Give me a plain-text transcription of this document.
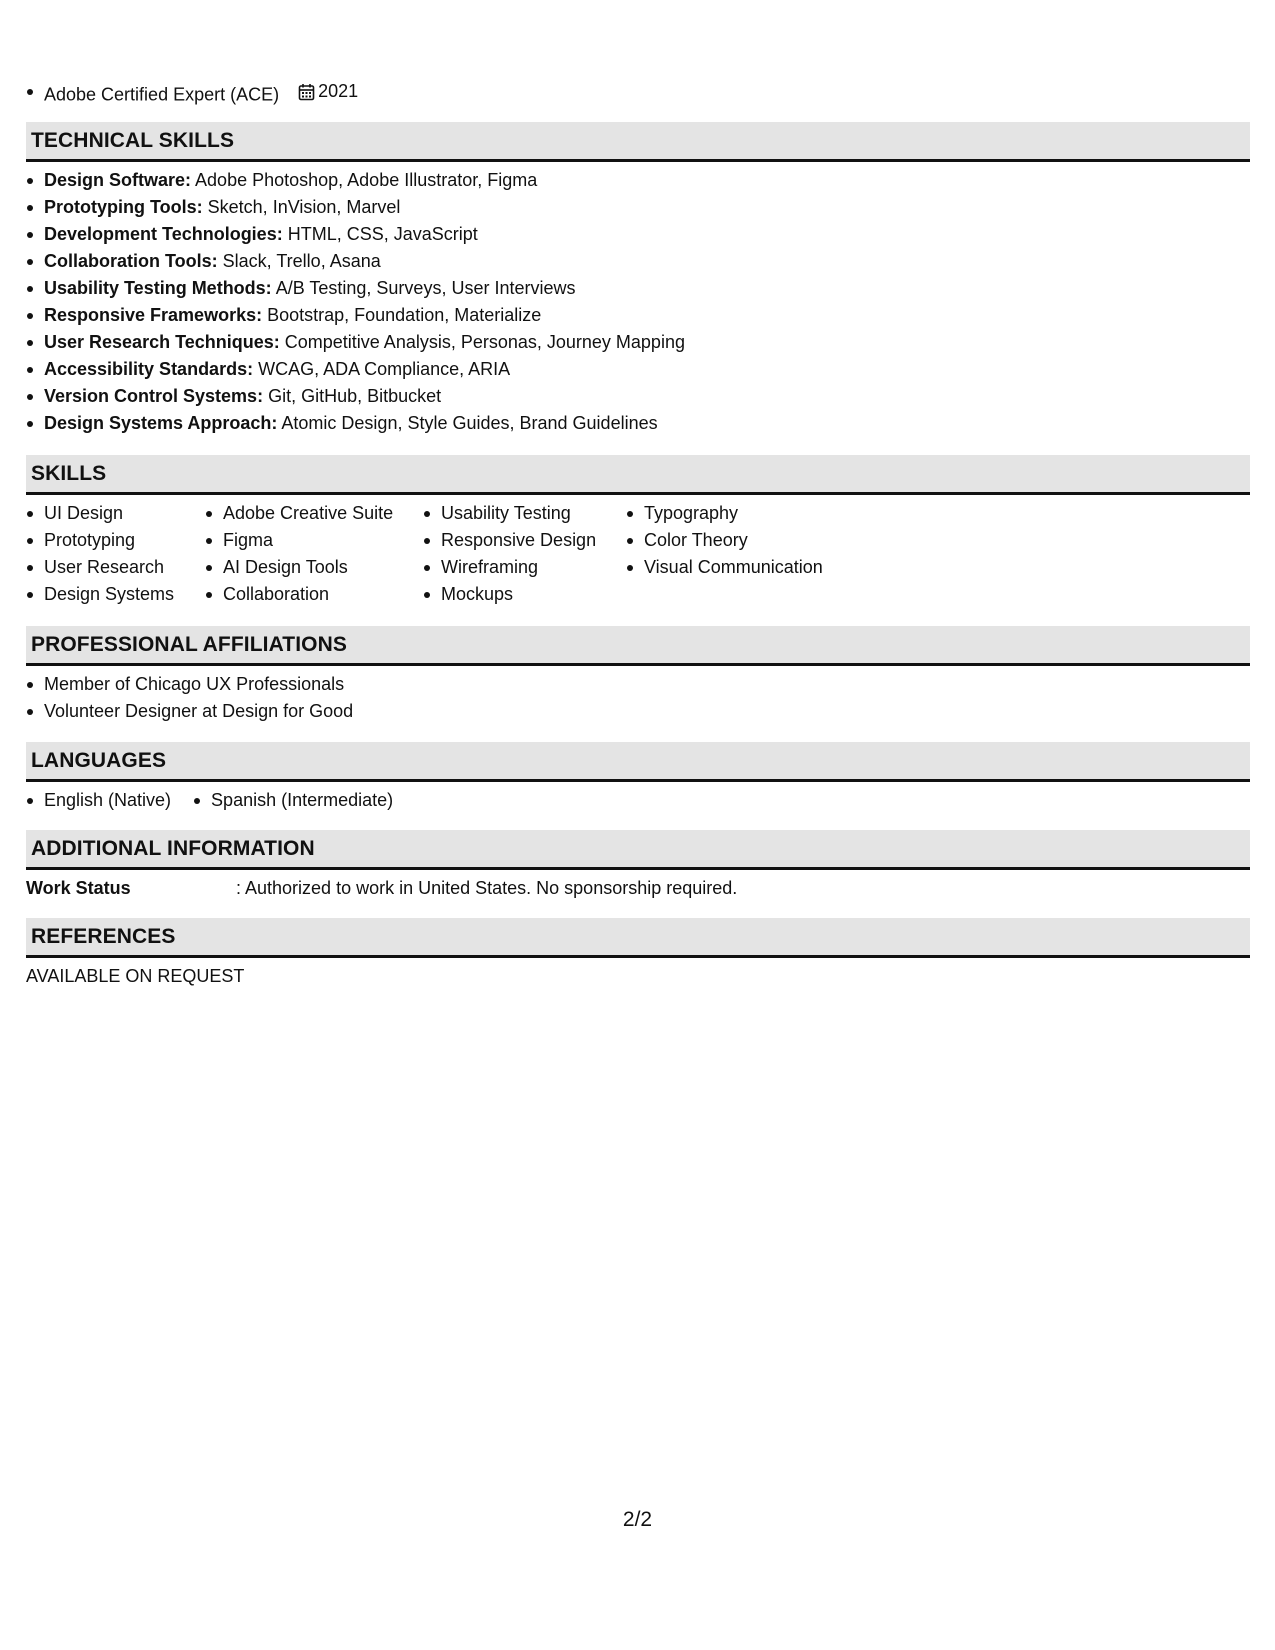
Adobe Certified Expert (ACE) 2021
TECHNICAL SKILLS
Design Software: Adobe Photoshop, Adobe Illustrator, Figma
Prototyping Tools: Sketch, InVision, Marvel
Development Technologies: HTML, CSS, JavaScript
Collaboration Tools: Slack, Trello, Asana
Usability Testing Methods: A/B Testing, Surveys, User Interviews
Responsive Frameworks: Bootstrap, Foundation, Materialize
User Research Techniques: Competitive Analysis, Personas, Journey Mapping
Accessibility Standards: WCAG, ADA Compliance, ARIA
Version Control Systems: Git, GitHub, Bitbucket
Design Systems Approach: Atomic Design, Style Guides, Brand Guidelines
SKILLS
UI Design
Prototyping
User Research
Design Systems
Adobe Creative Suite
Figma
AI Design Tools
Collaboration
Usability Testing
Responsive Design
Wireframing
Mockups
Typography
Color Theory
Visual Communication
PROFESSIONAL AFFILIATIONS
Member of Chicago UX Professionals
Volunteer Designer at Design for Good
LANGUAGES
English (Native)	Spanish (Intermediate)
ADDITIONAL INFORMATION
Work Status	: Authorized to work in United States. No sponsorship required.
REFERENCES
AVAILABLE ON REQUEST
2/2
